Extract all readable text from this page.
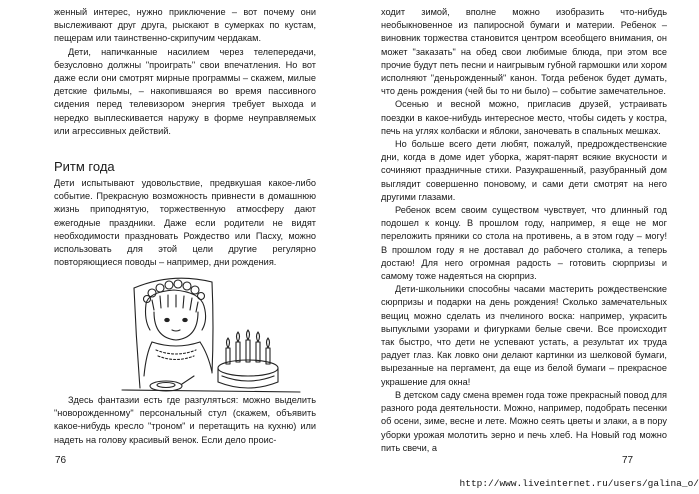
женный интерес, нужно приключение – вот почему они выслеживают друг друга, рыскают в сумерках по кустам, пещерам или таинственно-скрипучим чердакам.

Дети, напичканные насилием через телепередачи, безусловно должны "проиграть" свои впечатления. Но вот даже если они смотрят мирные программы – скажем, милые детские фильмы, – накопившаяся во время пассивного сидения перед телевизором энергия требует выхода и нередко выплескивается наружу в форме неуправляемых или агрессивных действий.

Ритм года

Дети испытывают удовольствие, предвкушая какое-либо событие. Прекрасную возможность привнести в домашнюю жизнь приподнятую, торжественную атмосферу дают ежегодные праздники. Даже если родители не видят необходимости праздновать Рождество или Пасху, можно использовать для этой цели другие регулярно повторяющиеся поводы – например, дни рождения.

Здесь фантазии есть где разгуляться: можно выделить "новорожденному" персональный стул (скажем, объявить какое-нибудь кресло "троном" и перетащить на кухню) или надеть на голову красивый венок. Если дело проис-

76

ходит зимой, вполне можно изобразить что-нибудь необыкновенное из папиросной бумаги и материи. Ребенок – виновник торжества становится центром всеобщего внимания, он может "заказать" на обед свои любимые блюда, при этом все прочие будут петь песни и наигрывым губной гармошки или хором исполняют "деньрожденный" канон. Тогда ребенок будет думать, что день рождения (чей бы то ни было) – событие замечательное.

Осенью и весной можно, пригласив друзей, устраивать поездки в какое-нибудь интересное место, чтобы сидеть у костра, печь на углях колбаски и яблоки, заночевать в спальных мешках.

Но больше всего дети любят, пожалуй, предрождественские дни, когда в доме идет уборка, жарят-парят всякие вкусности и сочиняют праздничные стихи. Разукрашенный, разубранный дом выглядит совершенно поновому, и сами дети смотрят на него другими глазами.

Ребенок всем своим существом чувствует, что длинный год подошел к концу. В прошлом году, например, я еще не мог переложить пряники со стола на противень, а в этом году – могу! В прошлом году я не доставал до рабочего столика, а теперь достаю! Для него огромная радость – готовить сюрпризы и самому тоже надеяться на сюрприз.

Дети-школьники способны часами мастерить рождественские сюрпризы и подарки на день рождения! Сколько замечательных вещиц можно сделать из пчелиного воска: например, украсить выпуклыми узорами и фигурками белые свечи. Все происходит так быстро, что дети не успевают устать, а результат их труда радует глаз. Как ловко они делают картинки из шелковой бумаги, вырезанные на пергамент, да еще из белой бумаги – прекрасное украшение для окна!

В детском саду смена времен года тоже прекрасный повод для разного рода деятельности. Можно, например, подобрать песенки об осени, зиме, весне и лете. Можно сеять цветы и злаки, а в пору уборки урожая молотить зерно и печь хлеб. На Новый год можно пить свечи, а

77
http://www.liveinternet.ru/users/galina_o/
